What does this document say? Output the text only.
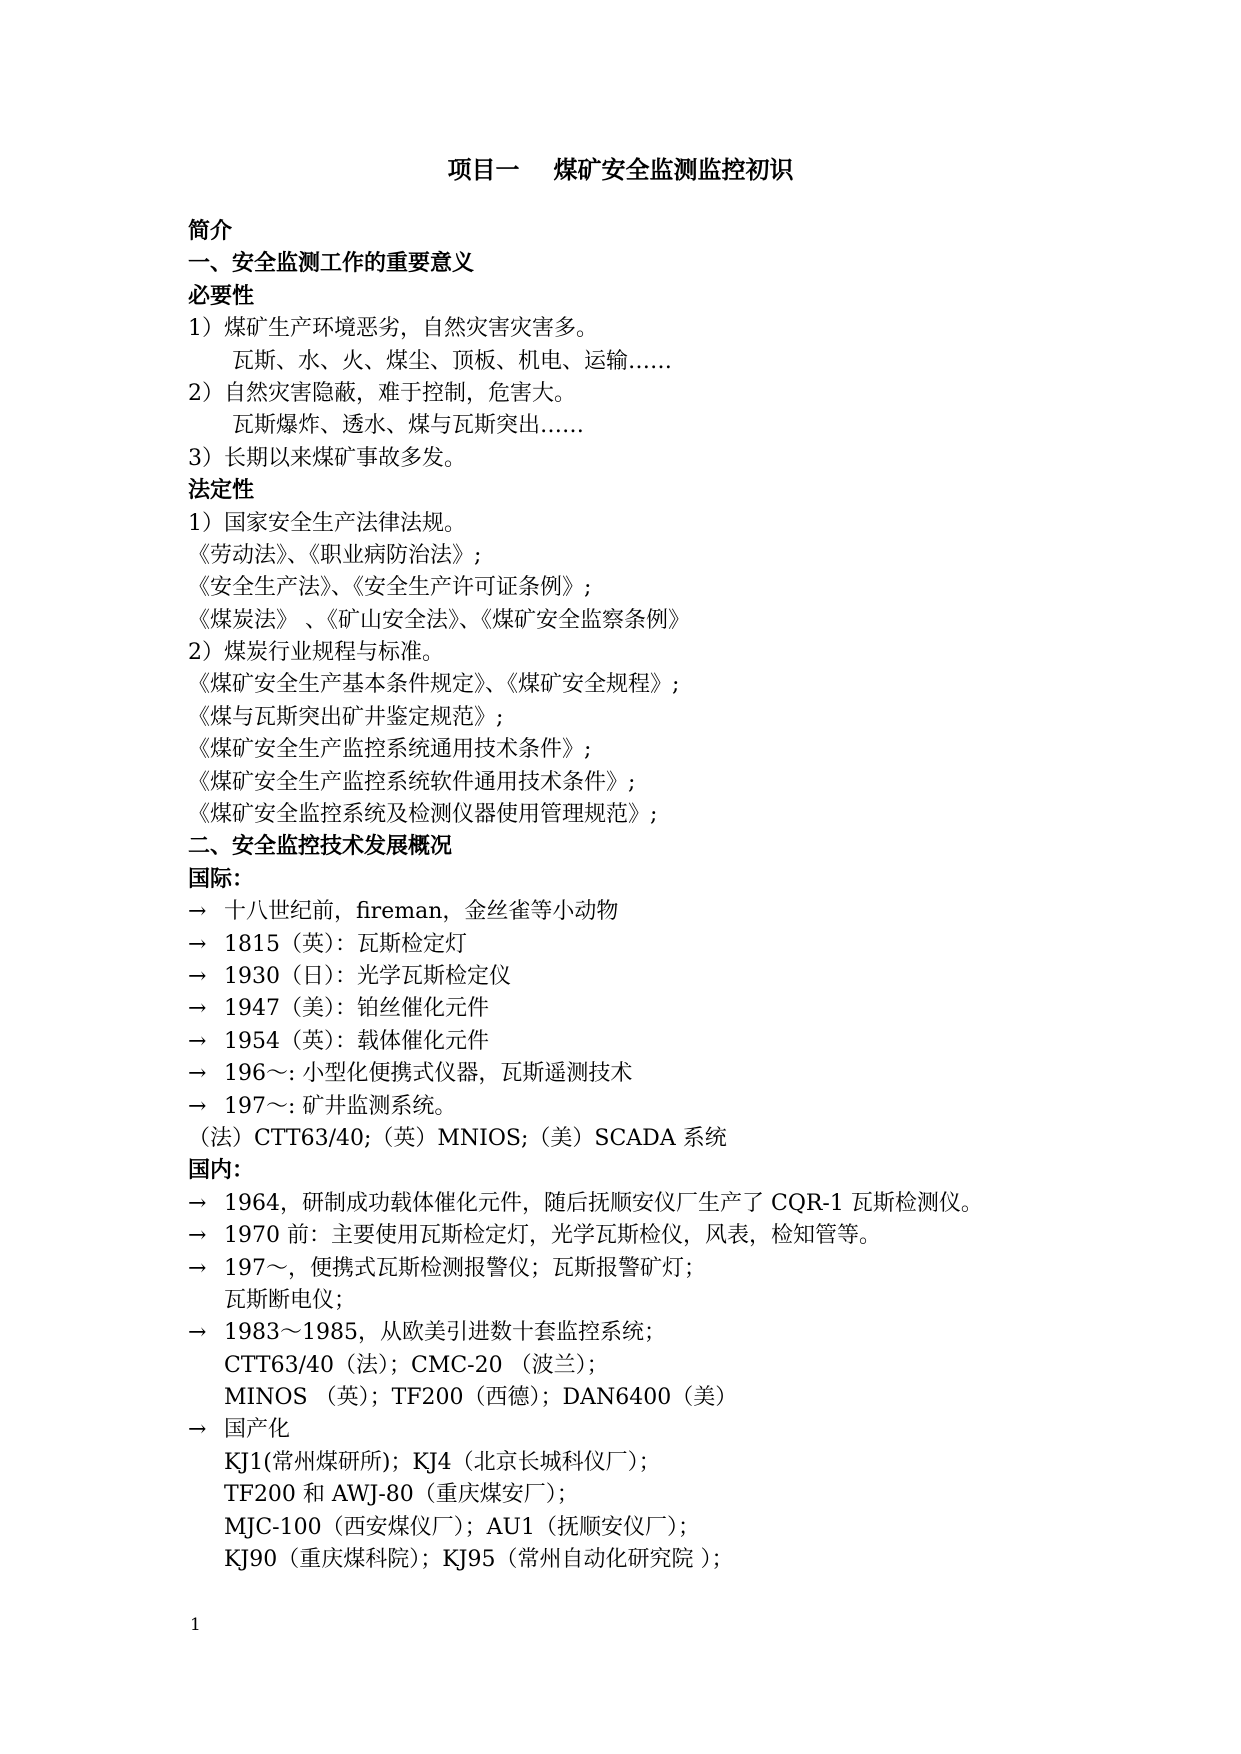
项目一 煤矿安全监测监控初识
简介
一、安全监测工作的重要意义
必要性
1）煤矿生产环境恶劣，自然灾害灾害多。
瓦斯、水、火、煤尘、顶板、机电、运输……
2）自然灾害隐蔽，难于控制，危害大。
瓦斯爆炸、透水、煤与瓦斯突出……
3）长期以来煤矿事故多发。
法定性
1）国家安全生产法律法规。
《劳动法》、《职业病防治法》;
《安全生产法》、《安全生产许可证条例》;
《煤炭法》 、《矿山安全法》、《煤矿安全监察条例》
2）煤炭行业规程与标准。
《煤矿安全生产基本条件规定》、《煤矿安全规程》;
《煤与瓦斯突出矿井鉴定规范》;
《煤矿安全生产监控系统通用技术条件》;
《煤矿安全生产监控系统软件通用技术条件》;
《煤矿安全监控系统及检测仪器使用管理规范》;
二、安全监控技术发展概况
国际：
→ 十八世纪前，fireman，金丝雀等小动物
→ 1815（英）：瓦斯检定灯
→ 1930（日）：光学瓦斯检定仪
→ 1947（美）：铂丝催化元件
→ 1954（英）：载体催化元件
→ 196～: 小型化便携式仪器，瓦斯遥测技术
→ 197～: 矿井监测系统。
（法）CTT63/40;（英）MNIOS;（美）SCADA 系统
国内：
→ 1964，研制成功载体催化元件，随后抚顺安仪厂生产了 CQR-1 瓦斯检测仪。
→ 1970 前：主要使用瓦斯检定灯，光学瓦斯检仪，风表，检知管等。
→ 197～，便携式瓦斯检测报警仪；瓦斯报警矿灯；
瓦斯断电仪；
→ 1983～1985，从欧美引进数十套监控系统；
CTT63/40（法）；CMC-20 （波兰）；
MINOS （英）；TF200（西德）；DAN6400（美）
→ 国产化
KJ1(常州煤研所)；KJ4（北京长城科仪厂）；
TF200 和 AWJ-80（重庆煤安厂）；
MJC-100（西安煤仪厂）；AU1（抚顺安仪厂）；
KJ90（重庆煤科院）；KJ95（常州自动化研究院 ）；
1
